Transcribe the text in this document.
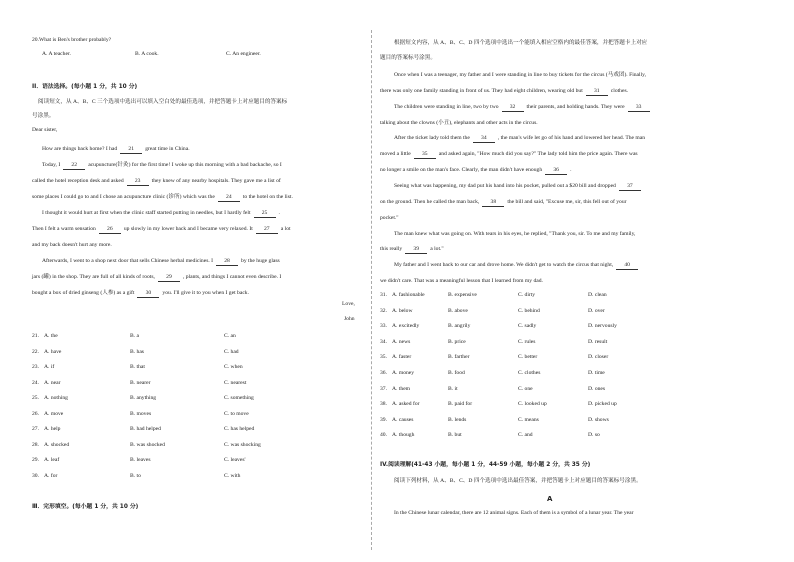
20.What is Ben's brother probably?
A. A teacher.	B. A cook.	C. An engineer.
II．语法选择。(每小题 1 分，共 10 分)
阅读短文，从 A、B、C 三个选项中选出可以填入空白处的最佳选项，并把答题卡上对应题目的答案标
号涂黑。
Dear sister,
How are things back home? I had 21 great time in China.
Today, I 22 acupuncture(针灸) for the first time! I woke up this morning with a bad backache, so I
called the hotel reception desk and asked 23 they knew of any nearby hospitals. They gave me a list of
some places I could go to and I chose an acupuncture clinic (诊所) which was the 24 to the hotel on the list.
I thought it would hurt at first when the clinic staff started putting in needles, but I hardly felt 25 .
Then I felt a warm sensation 26 up slowly in my lower back and I became very relaxed. It 27 a lot
and my back doesn't hurt any more.
Afterwards, I went to a shop next door that sells Chinese herbal medicines. I 28 by the huge glass
jars (罐) in the shop. They are full of all kinds of roots, 29 , plants, and things I cannot even describe. I
bought a box of dried ginseng (人参) as a gift 30 you. I'll give it to you when I get back.
Love,
John
21. A. the	B. a	C. an
22. A. have	B. has	C. had
23. A. if	B. that	C. when
24. A. near	B. nearer	C. nearest
25. A. nothing	B. anything	C. something
26. A. move	B. moves	C. to move
27. A. help	B. had helped	C. has helped
28. A. shocked	B. was shocked	C. was shocking
29. A. leaf	B. leaves	C. leaves'
30. A. for	B. to	C. with
Ⅲ．完形填空。(每小题 1 分，共 10 分)
根据短文内容，从 A、B、C、D 四个选项中选出一个能填入相应空格内的最佳答案，并把答题卡上对应
题目的答案标号涂黑。
Once when I was a teenager, my father and I were standing in line to buy tickets for the circus (马戏团). Finally,
there was only one family standing in front of us. They had eight children, wearing old but 31 clothes.
The children were standing in line, two by two 32 their parents, and holding hands. They were 33
talking about the clowns (小丑), elephants and other acts in the circus.
After the ticket lady told them the 34 , the man's wife let go of his hand and lowered her head. The man
moved a little 35 and asked again, "How much did you say?" The lady told him the price again. There was
no longer a smile on the man's face. Clearly, the man didn't have enough 36 .
Seeing what was happening, my dad put his hand into his pocket, pulled out a $20 bill and dropped 37
on the ground. Then he called the man back, 38 the bill and said, "Excuse me, sir, this fell out of your
pocket."
The man knew what was going on. With tears in his eyes, he replied, "Thank you, sir. To me and my family,
this really 39 a lot."
My father and I went back to our car and drove home. We didn't get to watch the circus that night, 40
we didn't care. That was a meaningful lesson that I learned from my dad.
31. A. fashionable	B. expensive	C. dirty	D. clean
32. A. below	B. above	C. behind	D. over
33. A. excitedly	B. angrily	C. sadly	D. nervously
34. A. news	B. price	C. rules	D. result
35. A. faster	B. farther	C. better	D. closer
36. A. money	B. food	C. clothes	D. time
37. A. them	B. it	C. one	D. ones
38. A. asked for	B. paid for	C. looked up	D. picked up
39. A. causes	B. lends	C. means	D. shows
40. A. though	B. but	C. and	D. so
IV.阅读理解(41-43 小题，每小题 1 分，44-59 小题，每小题 2 分，共 35 分)
阅读下列材料，从 A、B、C、D 四个选项中选出最佳答案，并把答题卡上对应题目的答案标号涂黑。
A
In the Chinese lunar calendar, there are 12 animal signs. Each of them is a symbol of a lunar year. The year
